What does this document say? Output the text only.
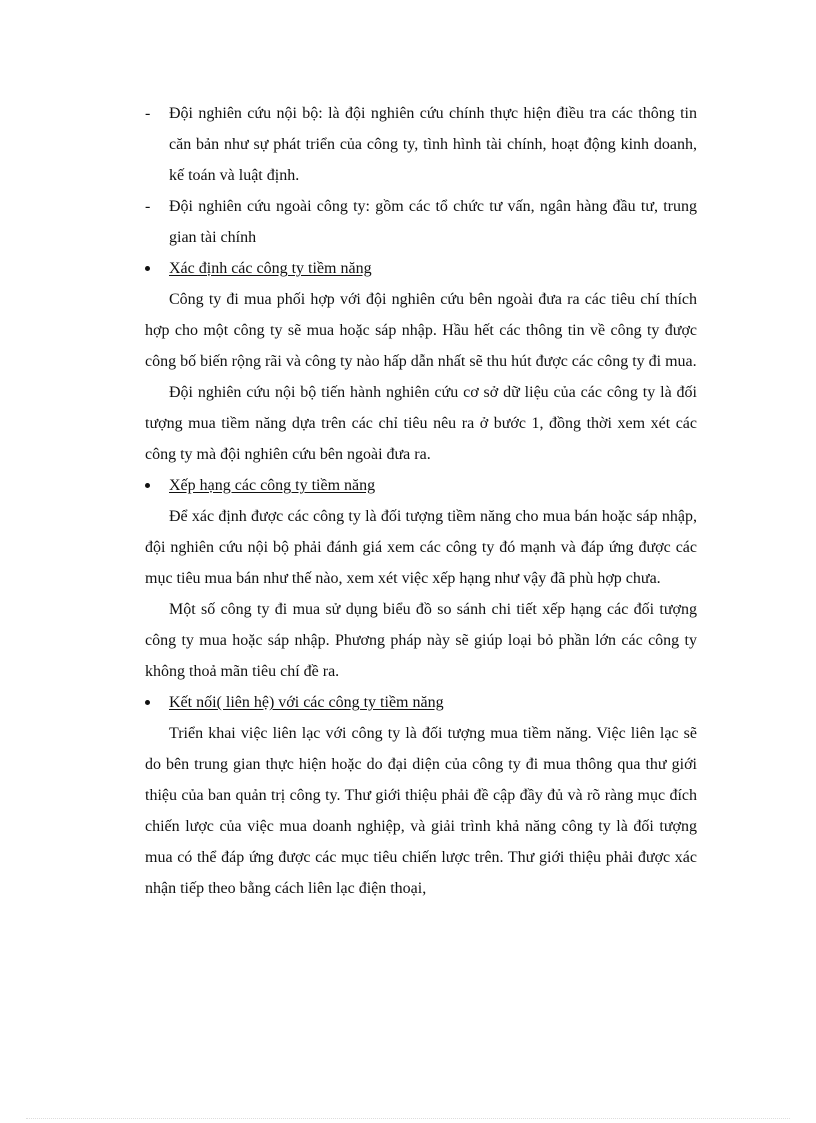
- Đội nghiên cứu nội bộ: là đội nghiên cứu chính thực hiện điều tra các thông tin căn bản như sự phát triển của công ty, tình hình tài chính, hoạt động kinh doanh, kế toán và luật định.
- Đội nghiên cứu ngoài công ty: gồm các tổ chức tư vấn, ngân hàng đầu tư, trung gian tài chính
Xác định các công ty tiềm năng

Công ty đi mua phối hợp với đội nghiên cứu bên ngoài đưa ra các tiêu chí thích hợp cho một công ty sẽ mua hoặc sáp nhập. Hầu hết các thông tin về công ty được công bố biến rộng rãi và công ty nào hấp dẫn nhất sẽ thu hút được các công ty đi mua.

Đội nghiên cứu nội bộ tiến hành nghiên cứu cơ sở dữ liệu của các công ty là đối tượng mua tiềm năng dựa trên các chỉ tiêu nêu ra ở bước 1, đồng thời xem xét các công ty mà đội nghiên cứu bên ngoài đưa ra.

Xếp hạng các công ty tiềm năng

Để xác định được các công ty là đối tượng tiềm năng cho mua bán hoặc sáp nhập, đội nghiên cứu nội bộ phải đánh giá xem các công ty đó mạnh và đáp ứng được các mục tiêu mua bán như thế nào, xem xét việc xếp hạng như vậy đã phù hợp chưa.

Một số công ty đi mua sử dụng biểu đồ so sánh chi tiết xếp hạng các đối tượng công ty mua hoặc sáp nhập. Phương pháp này sẽ giúp loại bỏ phần lớn các công ty không thoả mãn tiêu chí đề ra.

Kết nối( liên hệ) với các công ty tiềm năng

Triển khai việc liên lạc với công ty là đối tượng mua tiềm năng. Việc liên lạc sẽ do bên trung gian thực hiện hoặc do đại diện của công ty đi mua thông qua thư giới thiệu của ban quản trị công ty. Thư giới thiệu phải đề cập đầy đủ và rõ ràng mục đích chiến lược của việc mua doanh nghiệp, và giải trình khả năng công ty là đối tượng mua có thể đáp ứng được các mục tiêu chiến lược trên. Thư giới thiệu phải được xác nhận tiếp theo bằng cách liên lạc điện thoại,
